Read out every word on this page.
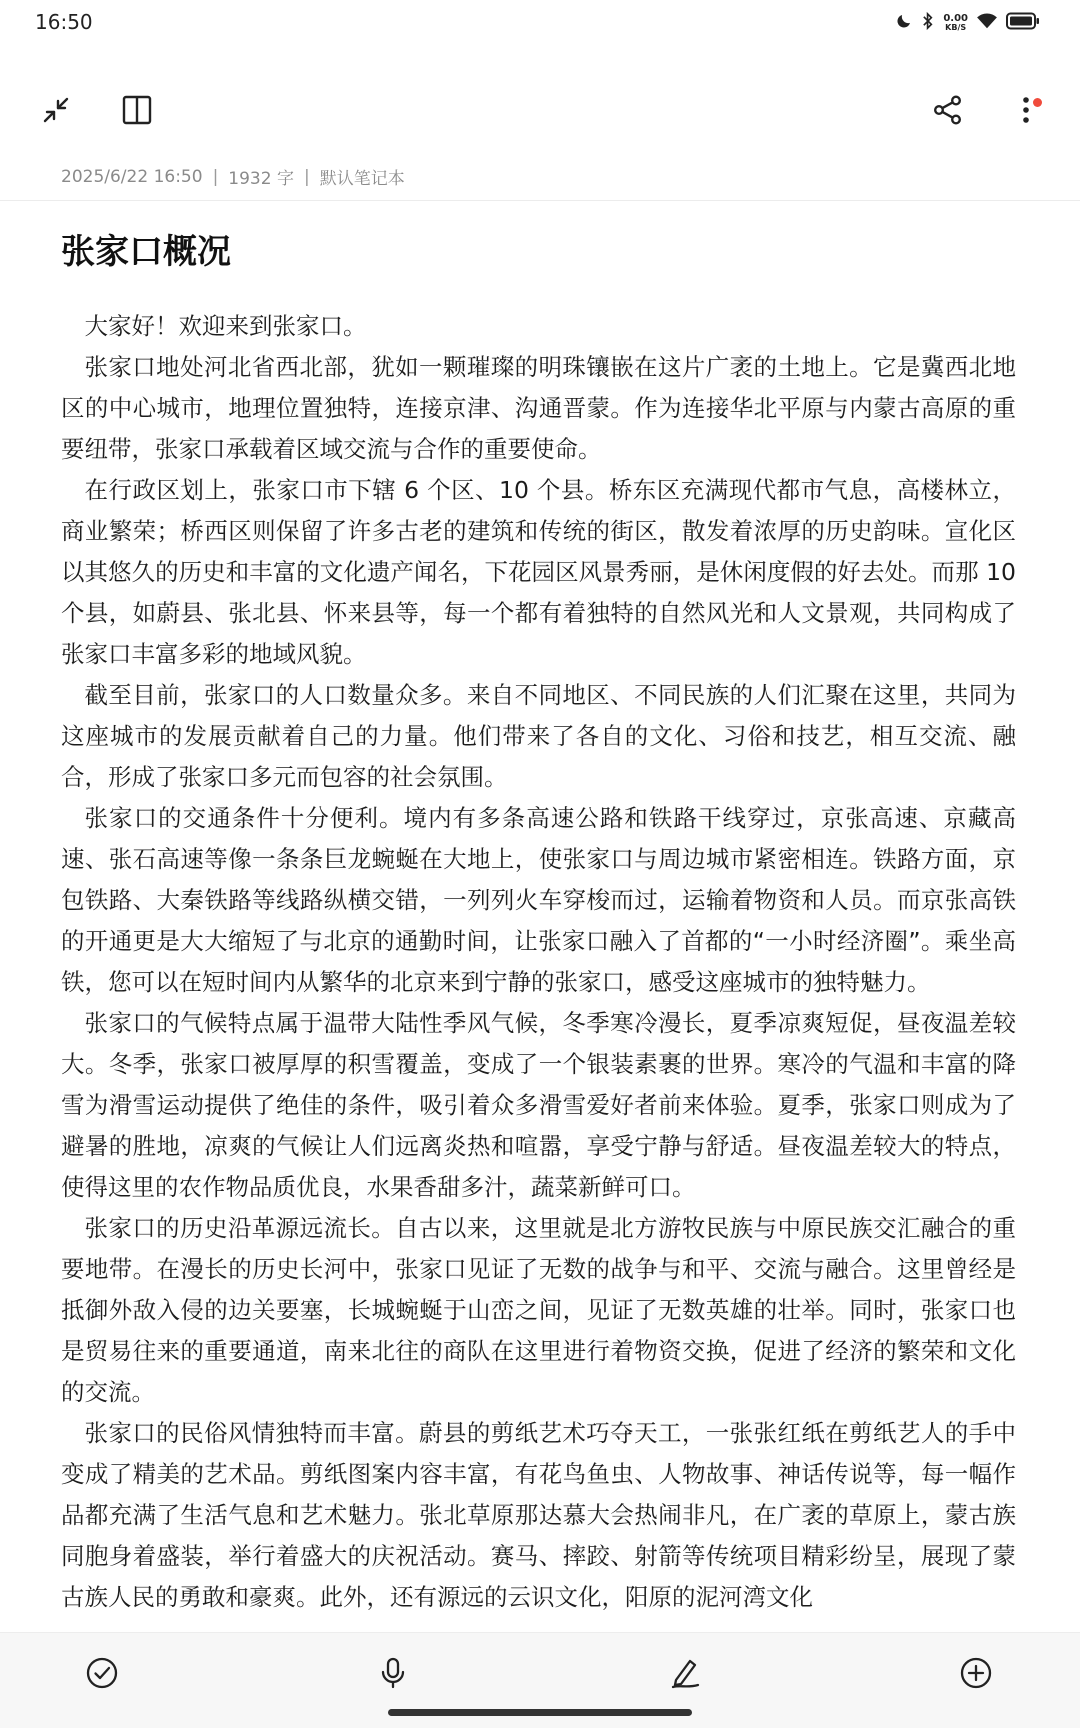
16:50	0.00
KB/S
2025/6/22 16:50 | 1932 字 | 默认笔记本
张家口概况

大家好！欢迎来到张家口。

张家口地处河北省西北部，犹如一颗璀璨的明珠镶嵌在这片广袤的土地上。它是冀西北地区的中心城市，地理位置独特，连接京津、沟通晋蒙。作为连接华北平原与内蒙古高原的重要纽带，张家口承载着区域交流与合作的重要使命。

在行政区划上，张家口市下辖 6 个区、10 个县。桥东区充满现代都市气息，高楼林立，商业繁荣；桥西区则保留了许多古老的建筑和传统的街区，散发着浓厚的历史韵味。宣化区以其悠久的历史和丰富的文化遗产闻名，下花园区风景秀丽，是休闲度假的好去处。而那 10 个县，如蔚县、张北县、怀来县等，每一个都有着独特的自然风光和人文景观，共同构成了张家口丰富多彩的地域风貌。

截至目前，张家口的人口数量众多。来自不同地区、不同民族的人们汇聚在这里，共同为这座城市的发展贡献着自己的力量。他们带来了各自的文化、习俗和技艺，相互交流、融合，形成了张家口多元而包容的社会氛围。

张家口的交通条件十分便利。境内有多条高速公路和铁路干线穿过，京张高速、京藏高速、张石高速等像一条条巨龙蜿蜒在大地上，使张家口与周边城市紧密相连。铁路方面，京包铁路、大秦铁路等线路纵横交错，一列列火车穿梭而过，运输着物资和人员。而京张高铁的开通更是大大缩短了与北京的通勤时间，让张家口融入了首都的“一小时经济圈”。乘坐高铁，您可以在短时间内从繁华的北京来到宁静的张家口，感受这座城市的独特魅力。

张家口的气候特点属于温带大陆性季风气候，冬季寒冷漫长，夏季凉爽短促，昼夜温差较大。冬季，张家口被厚厚的积雪覆盖，变成了一个银装素裹的世界。寒冷的气温和丰富的降雪为滑雪运动提供了绝佳的条件，吸引着众多滑雪爱好者前来体验。夏季，张家口则成为了避暑的胜地，凉爽的气候让人们远离炎热和喧嚣，享受宁静与舒适。昼夜温差较大的特点，使得这里的农作物品质优良，水果香甜多汁，蔬菜新鲜可口。

张家口的历史沿革源远流长。自古以来，这里就是北方游牧民族与中原民族交汇融合的重要地带。在漫长的历史长河中，张家口见证了无数的战争与和平、交流与融合。这里曾经是抵御外敌入侵的边关要塞，长城蜿蜒于山峦之间，见证了无数英雄的壮举。同时，张家口也是贸易往来的重要通道，南来北往的商队在这里进行着物资交换，促进了经济的繁荣和文化的交流。

张家口的民俗风情独特而丰富。蔚县的剪纸艺术巧夺天工，一张张红纸在剪纸艺人的手中变成了精美的艺术品。剪纸图案内容丰富，有花鸟鱼虫、人物故事、神话传说等，每一幅作品都充满了生活气息和艺术魅力。张北草原那达慕大会热闹非凡，在广袤的草原上，蒙古族同胞身着盛装，举行着盛大的庆祝活动。赛马、摔跤、射箭等传统项目精彩纷呈，展现了蒙古族人民的勇敢和豪爽。此外，还有源远的云识文化，阳原的泥河湾文化
